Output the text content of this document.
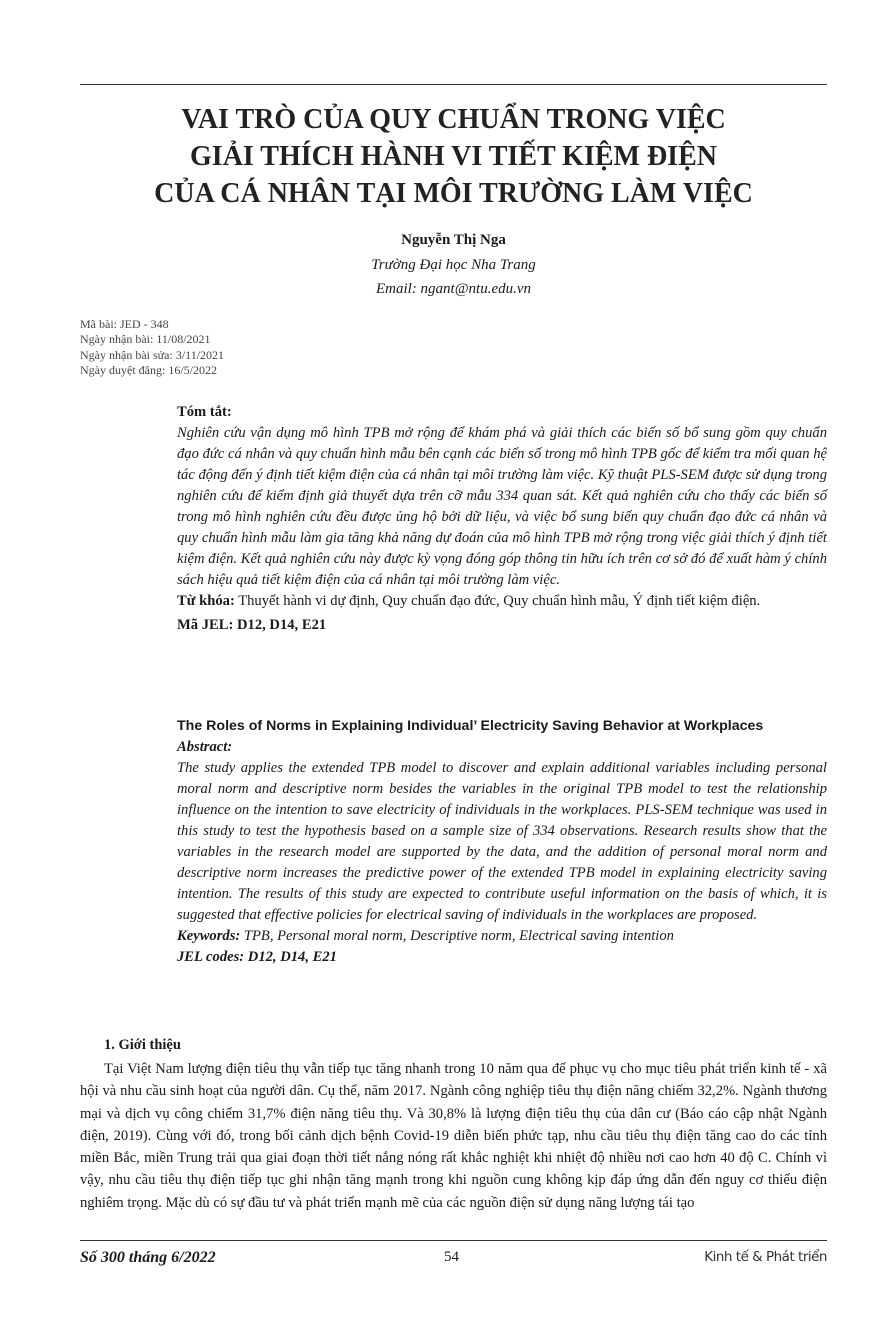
VAI TRÒ CỦA QUY CHUẨN TRONG VIỆC
GIẢI THÍCH HÀNH VI TIẾT KIỆM ĐIỆN
CỦA CÁ NHÂN TẠI MÔI TRƯỜNG LÀM VIỆC
Nguyễn Thị Nga
Trường Đại học Nha Trang
Email: ngant@ntu.edu.vn
Mã bài: JED - 348
Ngày nhận bài: 11/08/2021
Ngày nhận bài sửa: 3/11/2021
Ngày duyệt đăng: 16/5/2022

Tóm tắt:

Nghiên cứu vận dụng mô hình TPB mở rộng để khám phá và giải thích các biến số bổ sung gồm quy chuẩn đạo đức cá nhân và quy chuẩn hình mẫu bên cạnh các biến số trong mô hình TPB gốc để kiểm tra mối quan hệ tác động đến ý định tiết kiệm điện của cá nhân tại môi trường làm việc. Kỹ thuật PLS-SEM được sử dụng trong nghiên cứu để kiểm định giả thuyết dựa trên cỡ mẫu 334 quan sát. Kết quả nghiên cứu cho thấy các biến số trong mô hình nghiên cứu đều được ủng hộ bởi dữ liệu, và việc bổ sung biến quy chuẩn đạo đức cá nhân và quy chuẩn hình mẫu làm gia tăng khả năng dự đoán của mô hình TPB mở rộng trong việc giải thích ý định tiết kiệm điện. Kết quả nghiên cứu này được kỳ vọng đóng góp thông tin hữu ích trên cơ sở đó để xuất hàm ý chính sách hiệu quả tiết kiệm điện của cá nhân tại môi trường làm việc.

Từ khóa: Thuyết hành vi dự định, Quy chuẩn đạo đức, Quy chuẩn hình mẫu, Ý định tiết kiệm điện.

Mã JEL: D12, D14, E21

The Roles of Norms in Explaining Individual’ Electricity Saving Behavior at Workplaces

Abstract:

The study applies the extended TPB model to discover and explain additional variables including personal moral norm and descriptive norm besides the variables in the original TPB model to test the relationship influence on the intention to save electricity of individuals in the workplaces. PLS-SEM technique was used in this study to test the hypothesis based on a sample size of 334 observations. Research results show that the variables in the research model are supported by the data, and the addition of personal moral norm and descriptive norm increases the predictive power of the extended TPB model in explaining electricity saving intention. The results of this study are expected to contribute useful information on the basis of which, it is suggested that effective policies for electrical saving of individuals in the workplaces are proposed.

Keywords: TPB, Personal moral norm, Descriptive norm, Electrical saving intention

JEL codes: D12, D14, E21

1. Giới thiệu
Tại Việt Nam lượng điện tiêu thụ vẫn tiếp tục tăng nhanh trong 10 năm qua để phục vụ cho mục tiêu phát triển kinh tế - xã hội và nhu cầu sinh hoạt của người dân. Cụ thể, năm 2017. Ngành công nghiệp tiêu thụ điện năng chiếm 32,2%. Ngành thương mại và dịch vụ công chiếm 31,7% điện năng tiêu thụ. Và 30,8% là lượng điện tiêu thụ của dân cư (Báo cáo cập nhật Ngành điện, 2019). Cùng với đó, trong bối cảnh dịch bệnh Covid-19 diễn biến phức tạp, nhu cầu tiêu thụ điện tăng cao do các tỉnh miền Bắc, miền Trung trải qua giai đoạn thời tiết nắng nóng rất khắc nghiệt khi nhiệt độ nhiều nơi cao hơn 40 độ C. Chính vì vậy, nhu cầu tiêu thụ điện tiếp tục ghi nhận tăng mạnh trong khi nguồn cung không kịp đáp ứng dẫn đến nguy cơ thiếu điện nghiêm trọng. Mặc dù có sự đầu tư và phát triển mạnh mẽ của các nguồn điện sử dụng năng lượng tái tạo
Số 300 tháng 6/2022	54	Kinh tế & Phát triển
